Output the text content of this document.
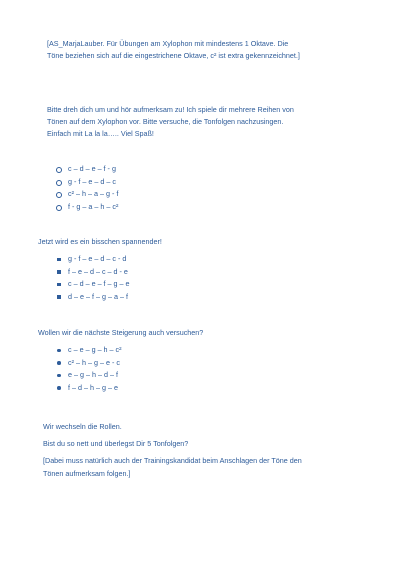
[AS_MarjaLauber. Für Übungen am Xylophon mit mindestens 1 Oktave. Die

Töne beziehen sich auf die eingestrichene Oktave, c² ist extra gekennzeichnet.]

Bitte dreh dich um und hör aufmerksam zu! Ich spiele dir mehrere Reihen von

Tönen auf dem Xylophon vor. Bitte versuche, die Tonfolgen nachzusingen.

Einfach mit La la la….. Viel Spaß!

c – d – e – f - g
g - f – e – d – c
c² – h – a – g - f
f - g – a – h – c²
Jetzt wird es ein bisschen spannender!
g - f – e – d – c - d
f – e – d – c – d - e
c – d – e – f – g – e
d – e – f – g – a – f
Wollen wir die nächste Steigerung auch versuchen?
c – e – g – h – c²
c² – h – g – e - c
e – g – h – d – f
f – d – h – g – e

Wir wechseln die Rollen.

Bist du so nett und überlegst Dir 5 Tonfolgen?

[Dabei muss natürlich auch der Trainingskandidat beim Anschlagen der Töne den

Tönen aufmerksam folgen.]
